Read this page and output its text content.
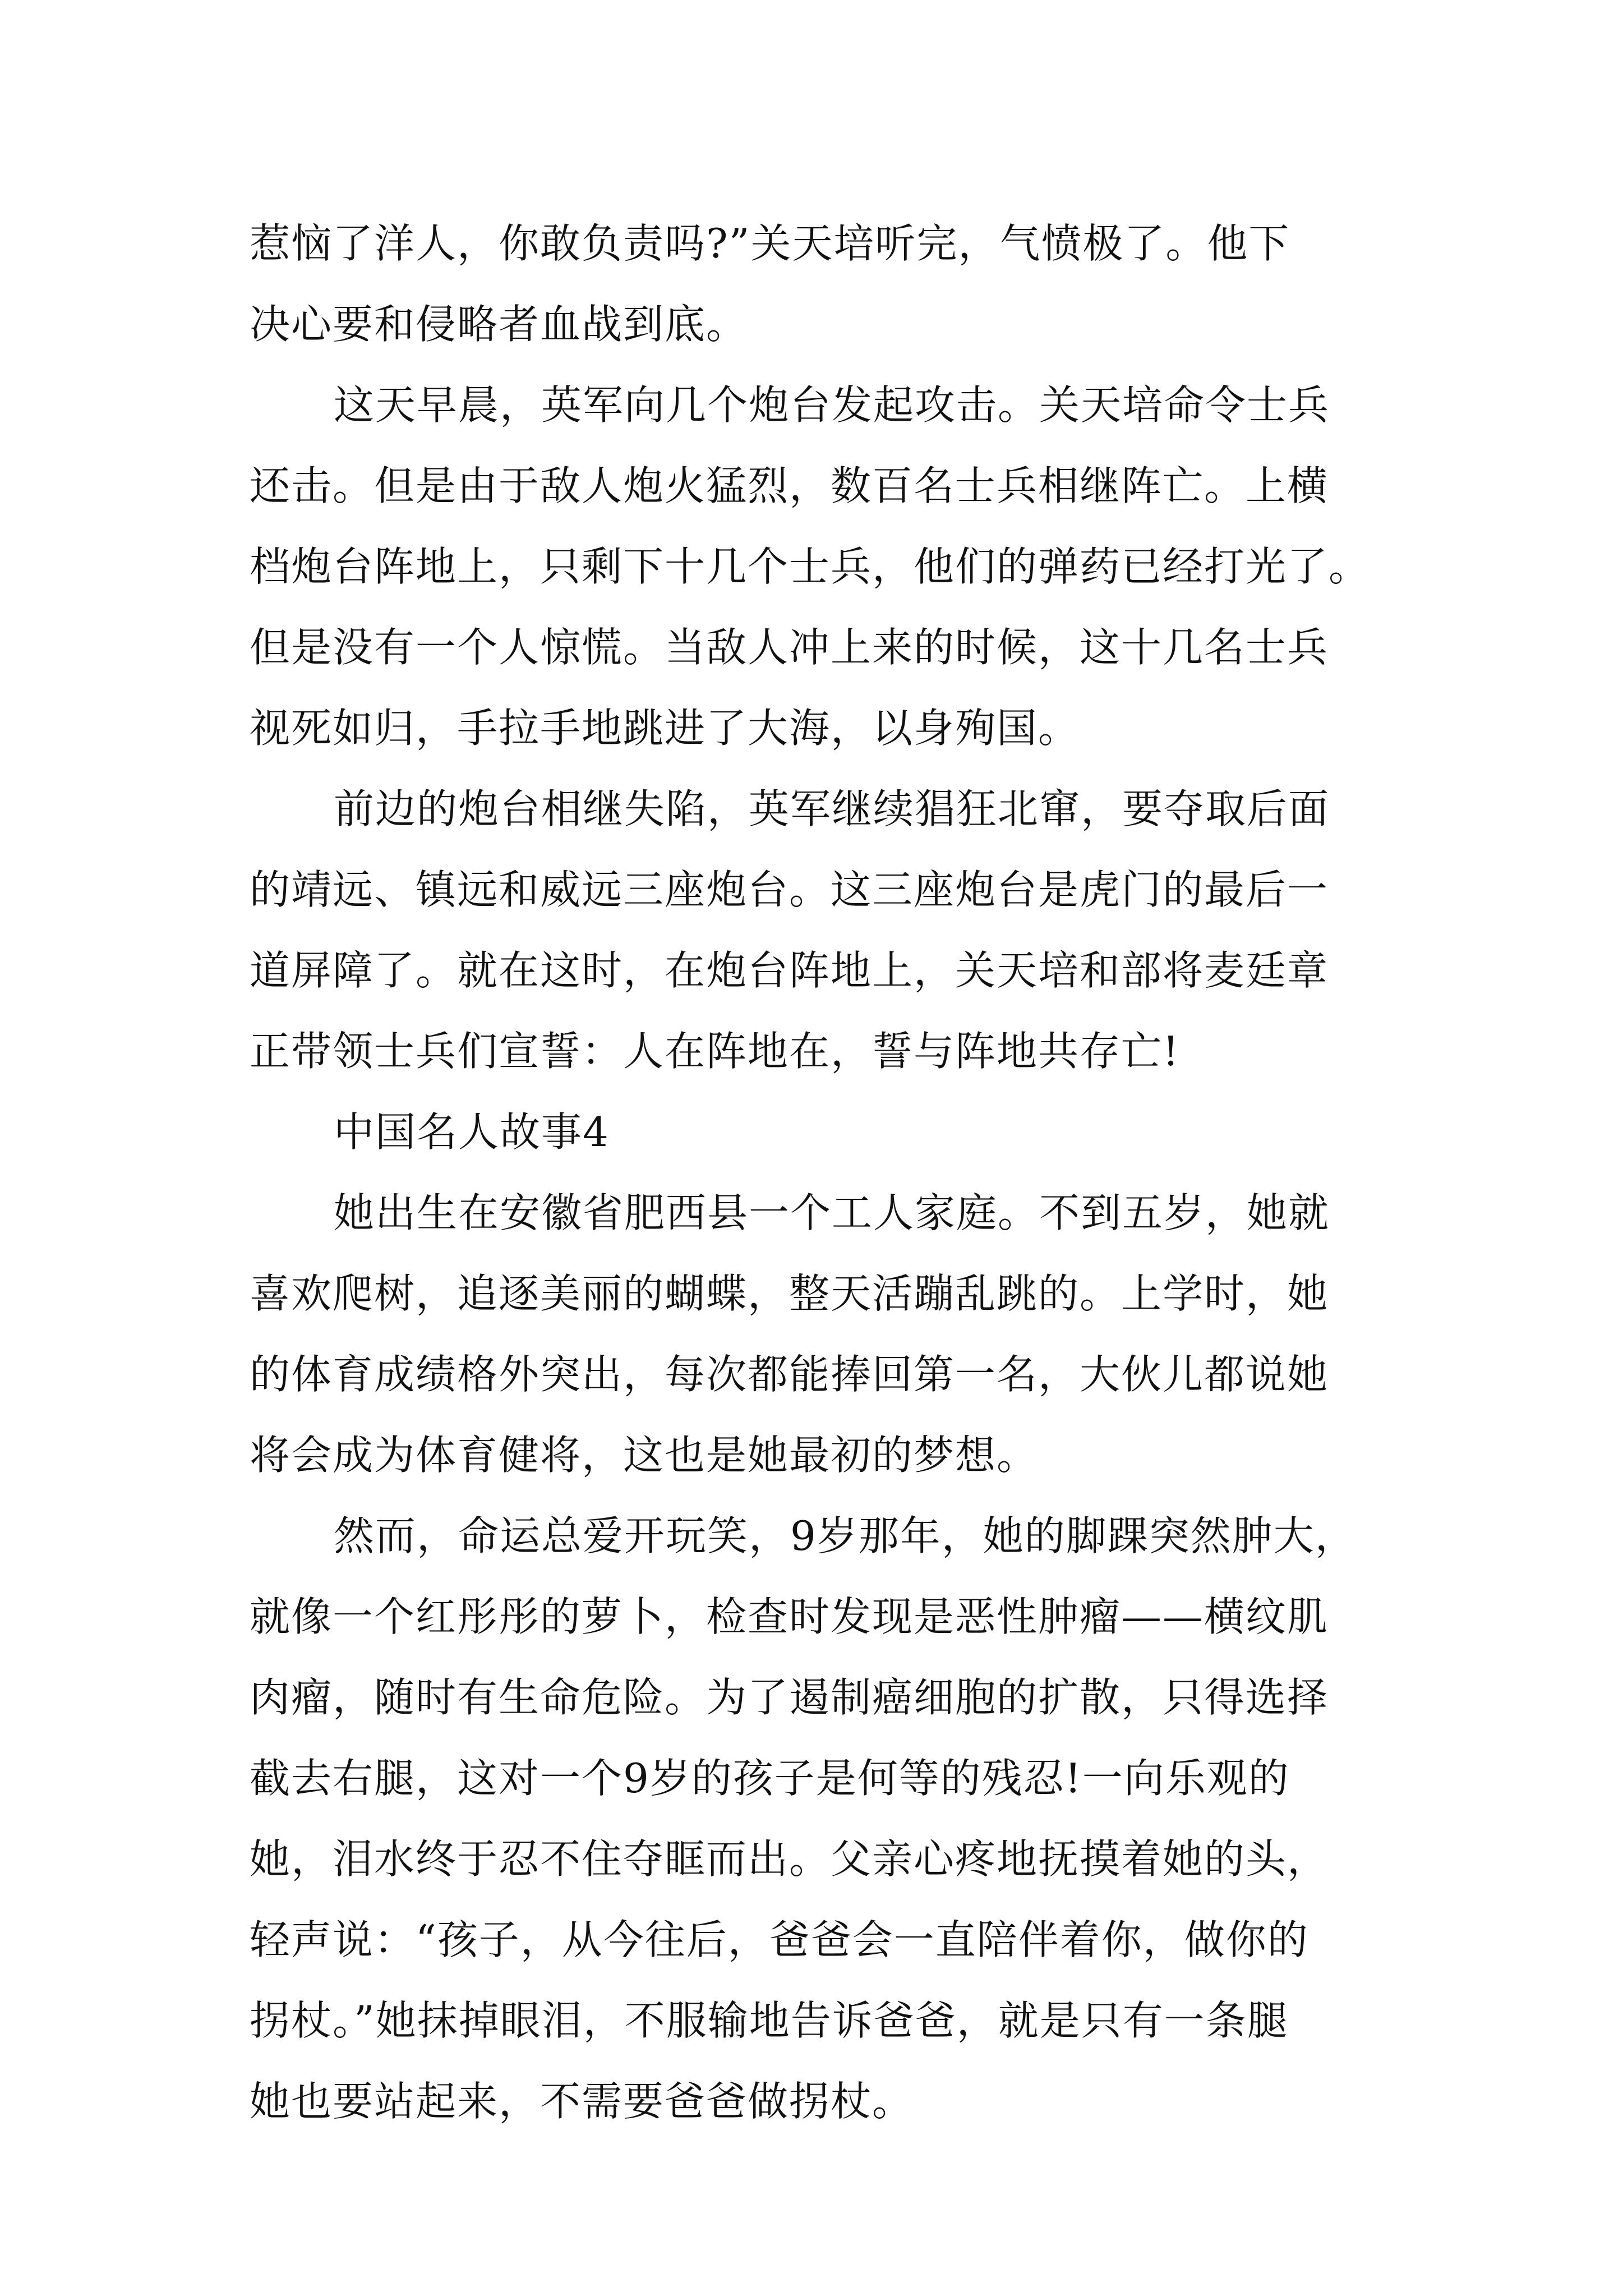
惹恼了洋人，你敢负责吗?”关天培听完，气愤极了。他下
决心要和侵略者血战到底。
这天早晨，英军向几个炮台发起攻击。关天培命令士兵
还击。但是由于敌人炮火猛烈，数百名士兵相继阵亡。上横
档炮台阵地上，只剩下十几个士兵，他们的弹药已经打光了。
但是没有一个人惊慌。当敌人冲上来的时候，这十几名士兵
视死如归，手拉手地跳进了大海，以身殉国。
前边的炮台相继失陷，英军继续猖狂北窜，要夺取后面
的靖远、镇远和威远三座炮台。这三座炮台是虎门的最后一
道屏障了。就在这时，在炮台阵地上，关天培和部将麦廷章
正带领士兵们宣誓：人在阵地在，誓与阵地共存亡!
中国名人故事4
她出生在安徽省肥西县一个工人家庭。不到五岁，她就
喜欢爬树，追逐美丽的蝴蝶，整天活蹦乱跳的。上学时，她
的体育成绩格外突出，每次都能捧回第一名，大伙儿都说她
将会成为体育健将，这也是她最初的梦想。
然而，命运总爱开玩笑，9岁那年，她的脚踝突然肿大，
就像一个红彤彤的萝卜，检查时发现是恶性肿瘤——横纹肌
肉瘤，随时有生命危险。为了遏制癌细胞的扩散，只得选择
截去右腿，这对一个9岁的孩子是何等的残忍!一向乐观的
她，泪水终于忍不住夺眶而出。父亲心疼地抚摸着她的头，
轻声说：“孩子，从今往后，爸爸会一直陪伴着你，做你的
拐杖。”她抹掉眼泪，不服输地告诉爸爸，就是只有一条腿
她也要站起来，不需要爸爸做拐杖。
